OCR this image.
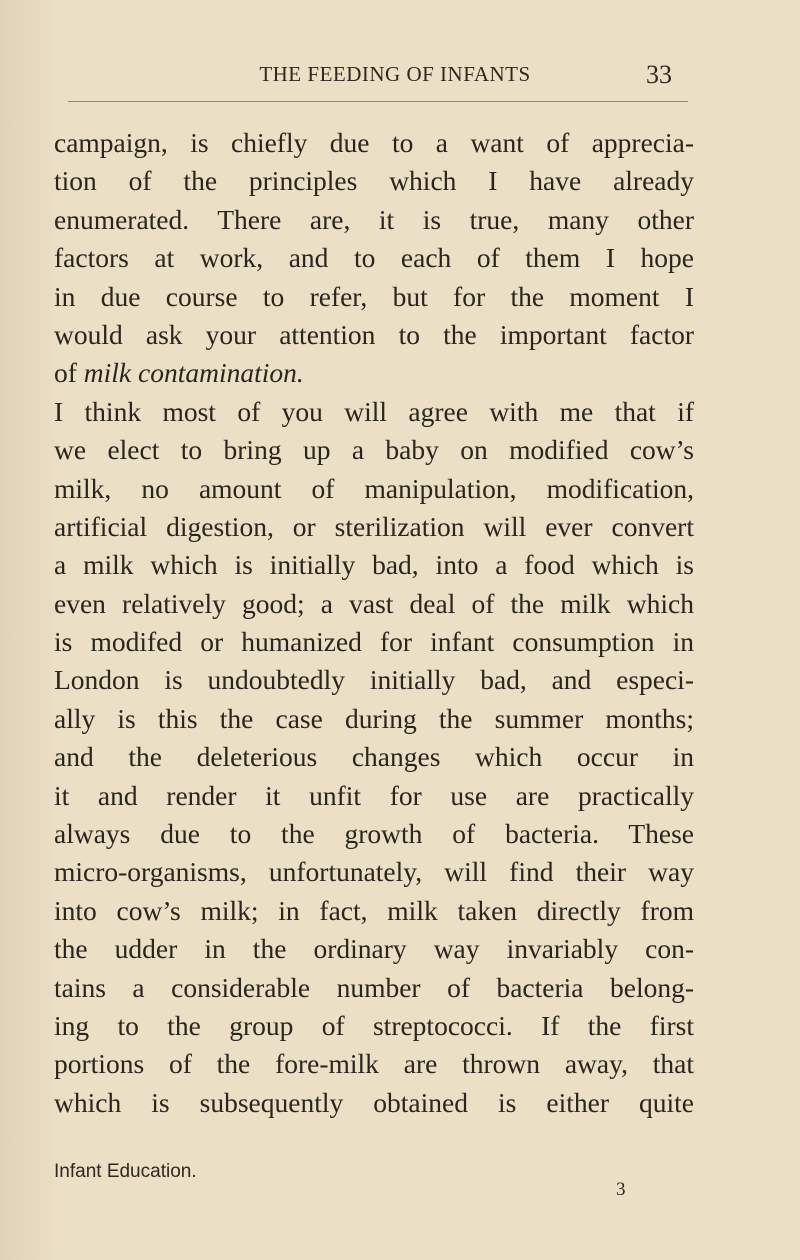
THE FEEDING OF INFANTS	33
campaign, is chiefly due to a want of apprecia-
tion of the principles which I have already
enumerated. There are, it is true, many other
factors at work, and to each of them I hope
in due course to refer, but for the moment I
would ask your attention to the important factor
of milk contamination.
I think most of you will agree with me that if
we elect to bring up a baby on modified cow’s
milk, no amount of manipulation, modification,
artificial digestion, or sterilization will ever convert
a milk which is initially bad, into a food which is
even relatively good; a vast deal of the milk which
is modifed or humanized for infant consumption in
London is undoubtedly initially bad, and especi-
ally is this the case during the summer months;
and the deleterious changes which occur in
it and render it unfit for use are practically
always due to the growth of bacteria. These
micro-organisms, unfortunately, will find their way
into cow’s milk; in fact, milk taken directly from
the udder in the ordinary way invariably con-
tains a considerable number of bacteria belong-
ing to the group of streptococci. If the first
portions of the fore-milk are thrown away, that
which is subsequently obtained is either quite
Infant Education.
3
